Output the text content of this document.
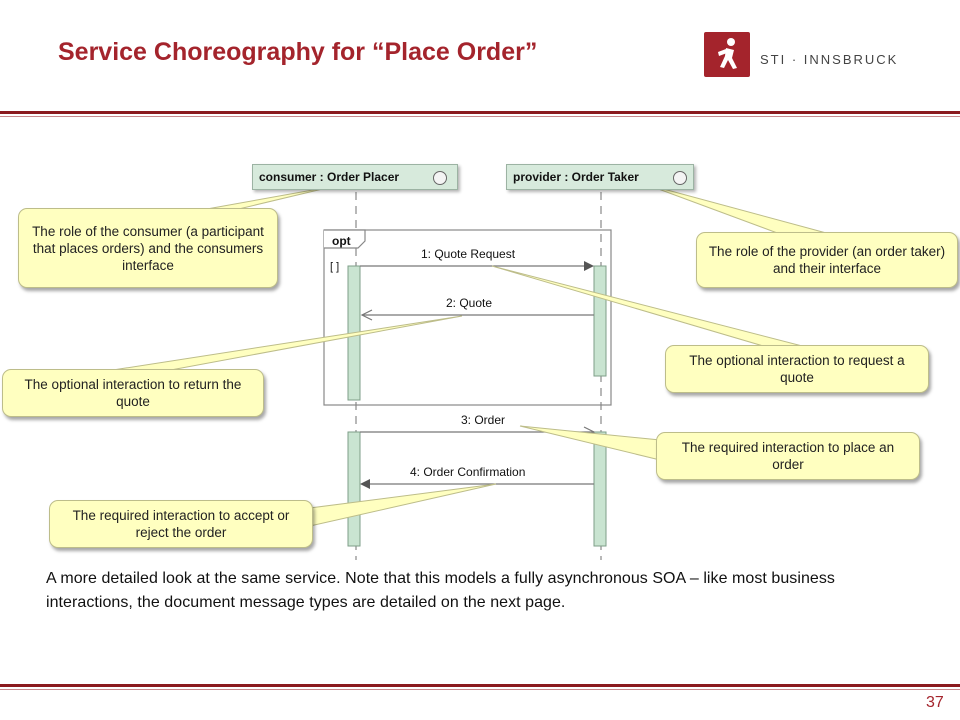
Service Choreography for “Place Order”	STI · INNSBRUCK
consumer : Order Placer	provider : Order Taker
opt
[ ]
1: Quote Request
2: Quote
3: Order
4: Order Confirmation
The role of the consumer (a participant that places orders) and the consumers interface
The role of the provider (an order taker) and their interface
The optional interaction to request a quote
The optional interaction to return the quote
The required interaction to place an order
The required interaction to accept or reject the order
A more detailed look at the same service. Note that this models a fully asynchronous SOA – like most business interactions, the document message types are detailed on the next page.
37
